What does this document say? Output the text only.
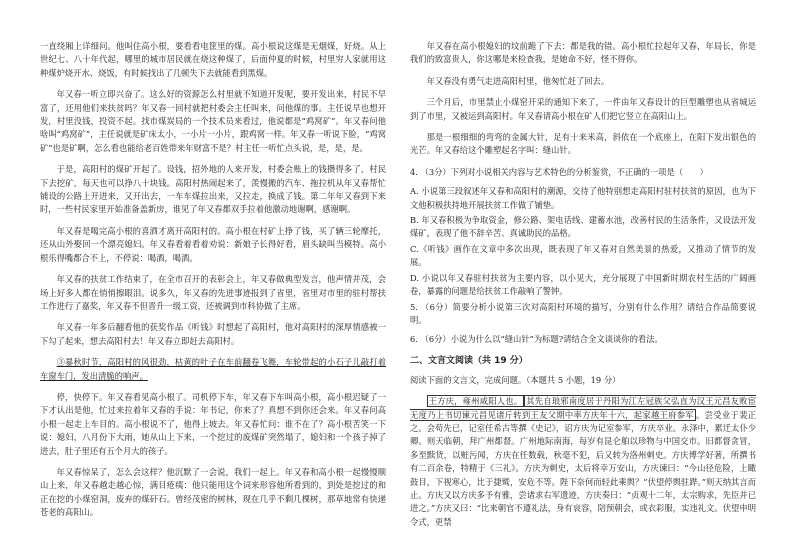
一直绕厢上详细问。他叫住高小根，要看看电筐里的煤。高小根说这煤是无烟煤，好烧。从上世纪七、八十年代起，哪里的城市居民就在烧这种煤了，后面仲夏的时候，村里穷人家就用这种煤炉烧开水、烧饭，有时候找出了几顿失下去就能看到黑煤。

年又春一听立即兴奋了。这么好的资源怎么村里就不知道开发呢，要开发出来，村民不早富了，还用他们来扶贫吗？年又春一回村就把村委会主任叫来，问他煤的事。主任说早也想开发，村里没钱，投资不起。找市煤炭局的一个技术员来看过，他说都是“鸡窝矿”。年又春问他啥叫“鸡窝矿”，主任说就是矿床太小，一小片一小片，跟鸡窝一样。年又春一听说下脸，“鸡窝矿”也是矿啊，怎么看也能给老百姓带来年财富不是？村主任一听忙点头说，是，是，是。

于是，高阳村的煤矿开起了。设钱，招外地的人来开发，村委会账上的钱攒得多了，村民下去挖矿，每天也可以挣八十块钱。高阳村热闹起来了，羡慢搬的汽车、拖拉机从年又春帮忙铺设的公路上开进来，又开出去，一车车煤拉出来，又拉走，换成了钱。第二年年又春到下来时，一些村民家里开始准备盖新房，谁见了年又春都双手拉着他激动地谢啊，感谢啊。

年又春是喝完高小根的喜酒才离开高阳村的。高小根在村矿上挣了钱，买了辆三轮摩托，还从山外娶回一个漂亮媳妇。年又春看着看着劝说：新娘子长得好看，眉头缺叫当模特。高小根乐得嘴都合不上，不停说：喝酒，喝酒。

年又春的扶贫工作结束了，在全市召开的表彰会上，年又春做典型发言，他声情并茂，会场上好多人都在悄悄擦眼泪。说多久，年又春的先进事迹报到了省里，省里对市里的驻村帮扶工作进行了嘉奖，年又春不但晋升一级工资，还被调到市科协做了主席。

年又春一年多后翻看他的获奖作品《听钱》时想起了高阳村，他对高阳村的深厚情感被一下勾了起来，想去高阳村去！年又春立即赶去高阳村。

③暴秋时节，高阳村的风很劲，枯黄的叶子在车前翻卷飞舞，车轮带起的小石子儿敲打着车窗车门，发出清脆的响声。

停，快停下。年又春看见高小根了。司机停下车，年又春下车叫高小根，高小根迟疑了一下才认出是他，忙过来拉着年又春的手说：年书记，你来了？真想不到你还会来。年又春问高小根一起走上车目的。高小根说不了，他得上坡去。年又春忙问：谁不在了？高小根苦笑一下说：媳妇，八月份下大雨，她从山上下来，一个挖过的废煤矿突然塌了，媳妇和一个孩子掉了进去，肚子里还有五个月大的孩子。

年又春惊呆了，怎么会这样？他沉默了一会说，我们一起上。年又春和高小根一起慢慢顺山上来，年又春越走越心惊，满目疮痍：他只能用这个词来形容他所看到的，到处是挖过的和正在挖的小煤窑洞，废弃的煤矸石。曾经茂密的树林，现在几乎不剩几棵树，那草地常有快递苍老的高阳山。

年又春在高小根媳妇的坟前跪了下去：都是我的错。高小根忙拉起年又春，年局长，你是我们的致富贵人，你这哪是来检查我，是她命不好，怪不得你。

年又春没有勇气走进高阳村里，他匆忙赶了回去。

三个月后，市里禁止小煤窑开采的通知下来了，一件由年又春设计的巨型雕塑也从省城运到了市里，又被运到高阳村。年又春请高小根在矿人们把它竖立在高阳山上。

那是一根细细的弯弯的金属大针，足有十来米高，斜依在一个底座上，在阳下发出银色的光芒。年又春给这个雕塑起名字叫：缝山针。

4. （3分）下列对小说相关内容与艺术特色的分析鉴赏，不正确的一项是（　　）

A. 小说第三段叙述年又春和高阳村的潮源，交待了他特别想走高阳村驻村扶贫的原因，也为下文他积极扶持地开展扶贫工作做了铺垫。

B. 年又春积极为争取资金，修公路、架电话线、建蓄水池，改善村民的生活条件，又设法开发煤矿，表现了他不辞辛苦、真诚助民的品格。

C.《听钱》画作在文章中多次出现，既表现了年又春对自然美景的热爱，又推动了情节的发展。

D. 小说以年又春驻村扶贫为主要内容，以小见大，充分展现了中国新时期农村生活的广阔画卷，暴露的问题是给扶贫工作敲响了警钟。

5. （6分）简要分析小说第三次对高阳村环境的描写，分别有什么作用？请结合作品简要说明。

6. （6分）小说为什么以“缝山针”为标题?请结合全文谈谈你的看法。

二、文言文阅读（共 19 分）

阅读下面的文言文，完成问题。（本题共 5 小题，19 分）

王方庆，雍州咸阳人也。 其先自琅邪南度居于丹阳为江左冠族父弘直为汉王元昌友败宦无度乃上书切谏元昌见诸斤转到王友父期中率方庆年十六，起家越王府参军 。尝受业于裴正之。会苟先已，记室任希古等撰《史记》，诏方庆为记室参军，方庆卒业。永泽中，累迁太仆少卿。则天临朝，拜广州都督。广州地际南海，每岁有昆仑舶以珍物与中国交市。旧都督贪冒，多至黩货，以赃污闻，方庆在任数载，秋毫不犯，后又转为洛州刺史。方庆博学好著，所撰书有二百余卷，特精于《三礼》。方庆为刺史，太后将幸万安山，方庆谏曰：“今山径危险，上瞰鼓目，下视寒心，比于捷鹫，安危不等。陛下奈何而轻此乘舆？”伏望停舆驻跸。”则天纳其言而止。方庆又以方庆多予有雅，尝诸求右军遗迹，方庆奏曰：“贞观十二年，太宗购求，先臣并已进之。”方庆又曰：“比来朝官不遵礼法，身有哀容，陪预朝会，或衣彩服，实违礼文。伏望申明令式，更禁
